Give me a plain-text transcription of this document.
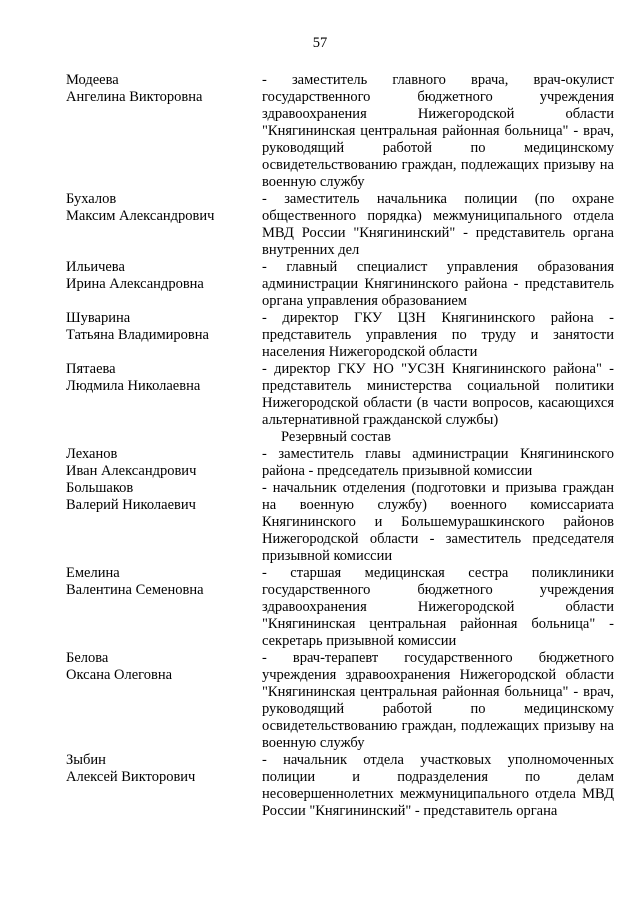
57
Модеева
Ангелина Викторовна
- заместитель главного врача, врач-окулист государственного бюджетного учреждения здравоохранения Нижегородской области "Княгининская центральная районная больница" - врач, руководящий работой по медицинскому освидетельствованию граждан, подлежащих призыву на военную службу
Бухалов
Максим Александрович
- заместитель начальника полиции (по охране общественного порядка) межмуниципального отдела МВД России "Княгининский" - представитель органа внутренних дел
Ильичева
Ирина Александровна
- главный специалист управления образования администрации Княгининского района - представитель органа управления образованием
Шуварина
Татьяна Владимировна
- директор ГКУ ЦЗН Княгининского района - представитель управления по труду и занятости населения Нижегородской области
Пятаева
Людмила Николаевна
- директор ГКУ НО "УСЗН Княгининского района" - представитель министерства социальной политики Нижегородской области (в части вопросов, касающихся альтернативной гражданской службы)

Резервный состав

Леханов
Иван Александрович
- заместитель главы администрации Княгининского района - председатель призывной комиссии
Большаков
Валерий Николаевич
- начальник отделения (подготовки и призыва граждан на военную службу) военного комиссариата Княгининского и Большемурашкинского районов Нижегородской области - заместитель председателя призывной комиссии
Емелина
Валентина Семеновна
- старшая медицинская сестра поликлиники государственного бюджетного учреждения здравоохранения Нижегородской области "Княгининская центральная районная больница" - секретарь призывной комиссии
Белова
Оксана Олеговна
- врач-терапевт государственного бюджетного учреждения здравоохранения Нижегородской области "Княгининская центральная районная больница" - врач, руководящий работой по медицинскому освидетельствованию граждан, подлежащих призыву на военную службу
Зыбин
Алексей Викторович
- начальник отдела участковых уполномоченных полиции и подразделения по делам несовершеннолетних межмуниципального отдела МВД России "Княгининский" - представитель органа
